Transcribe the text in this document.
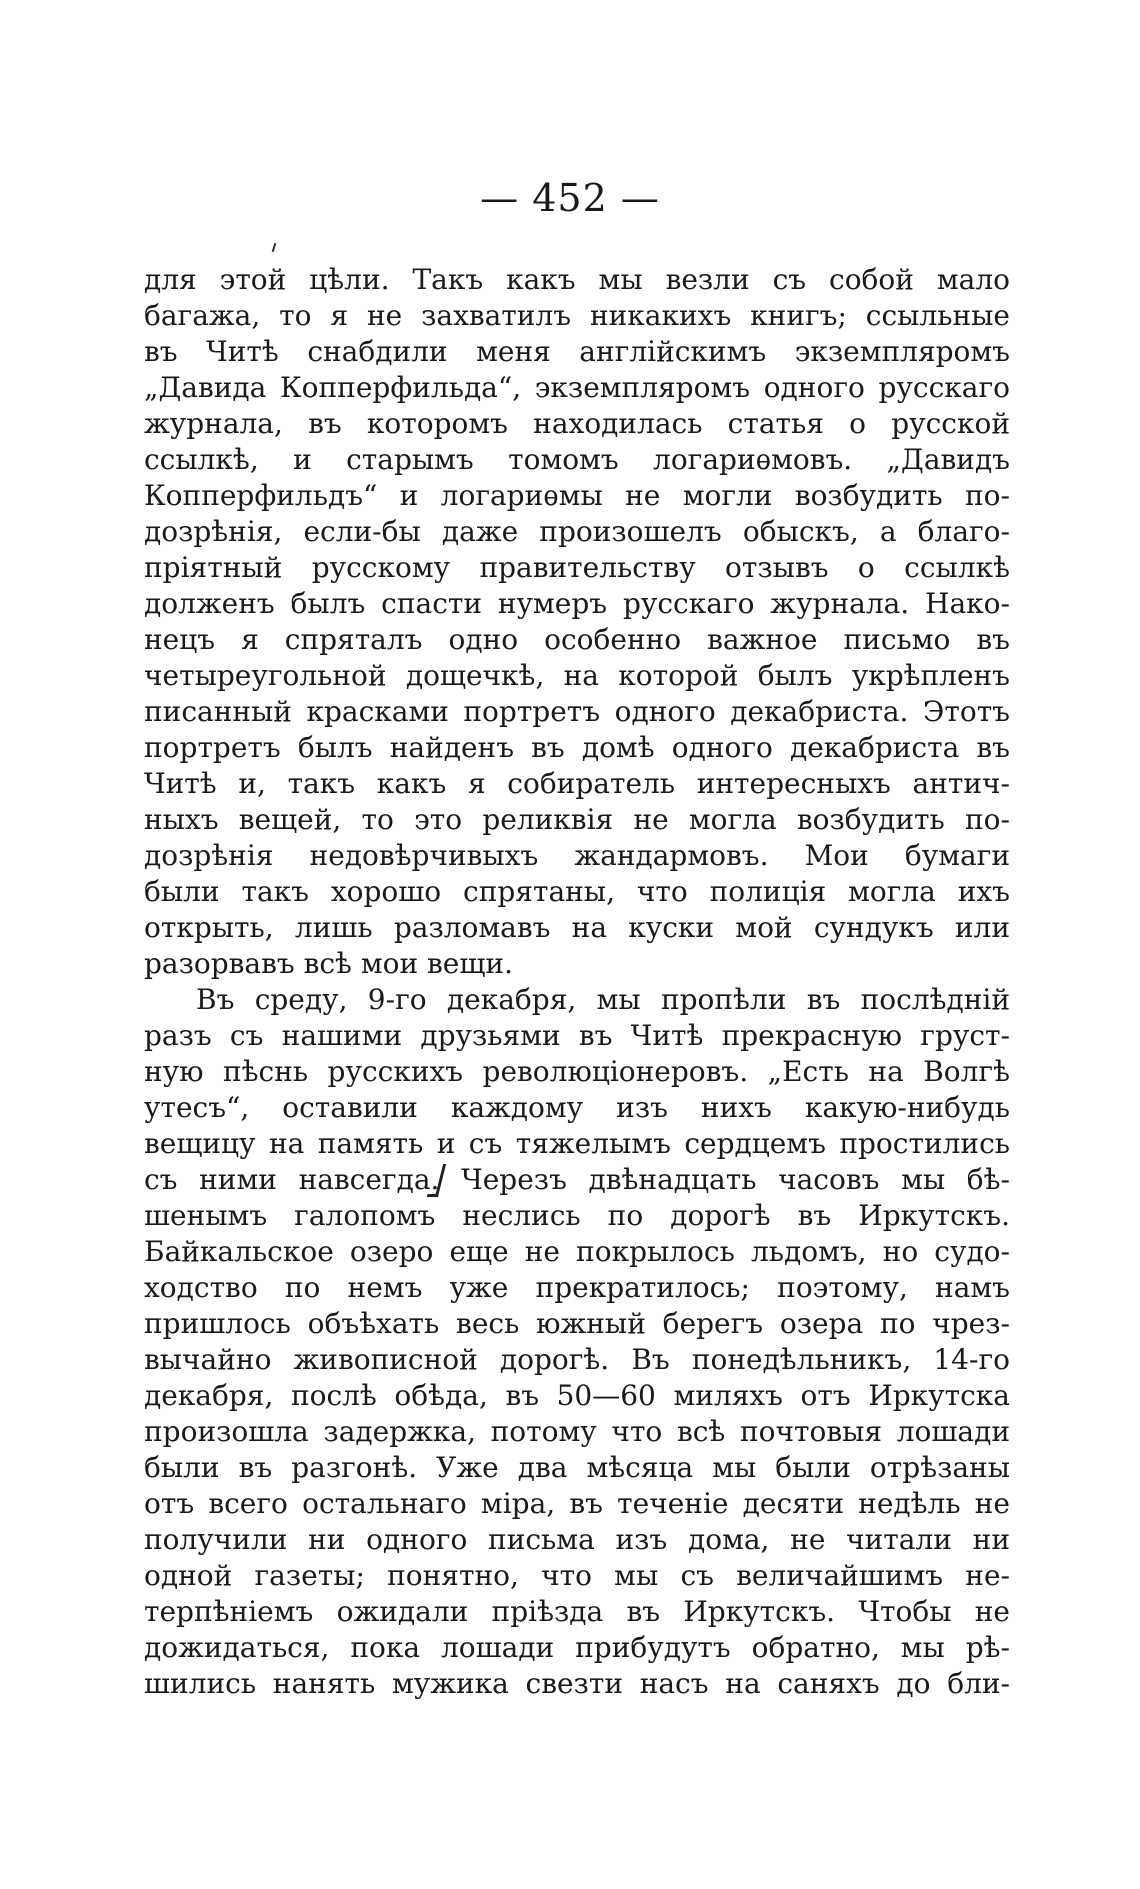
— 452 —
для этой цѣли. Такъ какъ мы везли съ собой мало
багажа, то я не захватилъ никакихъ книгъ; ссыльные
въ Читѣ снабдили меня англійскимъ экземпляромъ
„Давида Копперфильда“, экземпляромъ одного русскаго
журнала, въ которомъ находилась статья о русской
ссылкѣ, и старымъ томомъ логариѳмовъ. „Давидъ
Копперфильдъ“ и логариѳмы не могли возбудить по-
дозрѣнія, если-бы даже произошелъ обыскъ, а благо-
пріятный русскому правительству отзывъ о ссылкѣ
долженъ былъ спасти нумеръ русскаго журнала. Нако-
нецъ я спряталъ одно особенно важное письмо въ
четыреугольной дощечкѣ, на которой былъ укрѣпленъ
писанный красками портретъ одного декабриста. Этотъ
портретъ былъ найденъ въ домѣ одного декабриста въ
Читѣ и, такъ какъ я собиратель интересныхъ антич-
ныхъ вещей, то это реликвія не могла возбудить по-
дозрѣнія недовѣрчивыхъ жандармовъ. Мои бумаги
были такъ хорошо спрятаны, что полиція могла ихъ
открыть, лишь разломавъ на куски мой сундукъ или
разорвавъ всѣ мои вещи.
Въ среду, 9-го декабря, мы пропѣли въ послѣдній
разъ съ нашими друзьями въ Читѣ прекрасную груст-
ную пѣснь русскихъ революціонеровъ. „Есть на Волгѣ
утесъ“, оставили каждому изъ нихъ какую-нибудь
вещицу на память и съ тяжелымъ сердцемъ простились
съ ними навсегда. Черезъ двѣнадцать часовъ мы бѣ-
шенымъ галопомъ неслись по дорогѣ въ Иркутскъ.
Байкальское озеро еще не покрылось льдомъ, но судо-
ходство по немъ уже прекратилось; поэтому, намъ
пришлось объѣхать весь южный берегъ озера по чрез-
вычайно живописной дорогѣ. Въ понедѣльникъ, 14-го
декабря, послѣ обѣда, въ 50—60 миляхъ отъ Иркутска
произошла задержка, потому что всѣ почтовыя лошади
были въ разгонѣ. Уже два мѣсяца мы были отрѣзаны
отъ всего остальнаго міра, въ теченіе десяти недѣль не
получили ни одного письма изъ дома, не читали ни
одной газеты; понятно, что мы съ величайшимъ не-
терпѣніемъ ожидали пріѣзда въ Иркутскъ. Чтобы не
дожидаться, пока лошади прибудутъ обратно, мы рѣ-
шились нанять мужика свезти насъ на саняхъ до бли-
